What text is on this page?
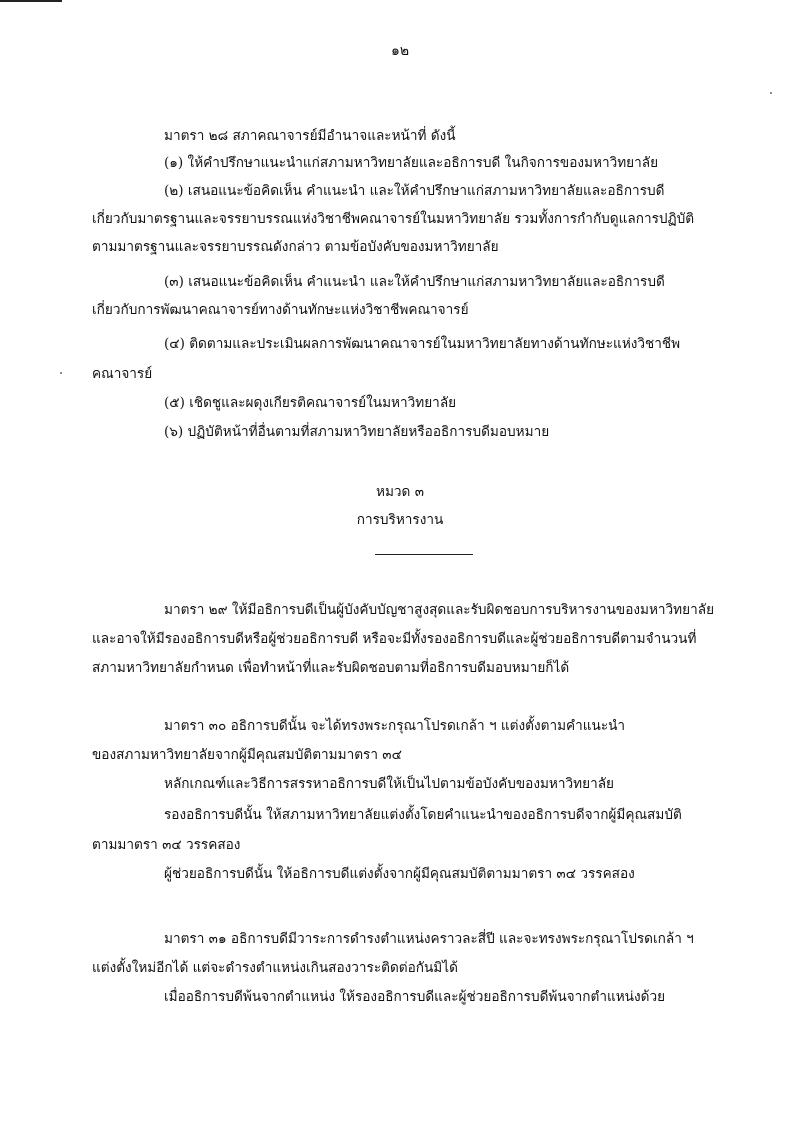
๑๒
มาตรา ๒๘ สภาคณาจารย์มีอำนาจและหน้าที่ ดังนี้
(๑) ให้คำปรึกษาแนะนำแก่สภามหาวิทยาลัยและอธิการบดี ในกิจการของมหาวิทยาลัย
(๒) เสนอแนะข้อคิดเห็น คำแนะนำ และให้คำปรึกษาแก่สภามหาวิทยาลัยและอธิการบดี
เกี่ยวกับมาตรฐานและจรรยาบรรณแห่งวิชาชีพคณาจารย์ในมหาวิทยาลัย รวมทั้งการกำกับดูแลการปฏิบัติ
ตามมาตรฐานและจรรยาบรรณดังกล่าว ตามข้อบังคับของมหาวิทยาลัย
(๓) เสนอแนะข้อคิดเห็น คำแนะนำ และให้คำปรึกษาแก่สภามหาวิทยาลัยและอธิการบดี
เกี่ยวกับการพัฒนาคณาจารย์ทางด้านทักษะแห่งวิชาชีพคณาจารย์
(๔) ติดตามและประเมินผลการพัฒนาคณาจารย์ในมหาวิทยาลัยทางด้านทักษะแห่งวิชาชีพ
คณาจารย์
(๕) เชิดชูและผดุงเกียรติคณาจารย์ในมหาวิทยาลัย
(๖) ปฏิบัติหน้าที่อื่นตามที่สภามหาวิทยาลัยหรืออธิการบดีมอบหมาย
หมวด ๓
การบริหารงาน
มาตรา ๒๙ ให้มีอธิการบดีเป็นผู้บังคับบัญชาสูงสุดและรับผิดชอบการบริหารงานของมหาวิทยาลัย
และอาจให้มีรองอธิการบดีหรือผู้ช่วยอธิการบดี หรือจะมีทั้งรองอธิการบดีและผู้ช่วยอธิการบดีตามจำนวนที่
สภามหาวิทยาลัยกำหนด เพื่อทำหน้าที่และรับผิดชอบตามที่อธิการบดีมอบหมายก็ได้
มาตรา ๓๐ อธิการบดีนั้น จะได้ทรงพระกรุณาโปรดเกล้า ฯ แต่งตั้งตามคำแนะนำ
ของสภามหาวิทยาลัยจากผู้มีคุณสมบัติตามมาตรา ๓๔
หลักเกณฑ์และวิธีการสรรหาอธิการบดีให้เป็นไปตามข้อบังคับของมหาวิทยาลัย
รองอธิการบดีนั้น ให้สภามหาวิทยาลัยแต่งตั้งโดยคำแนะนำของอธิการบดีจากผู้มีคุณสมบัติ
ตามมาตรา ๓๔ วรรคสอง
ผู้ช่วยอธิการบดีนั้น ให้อธิการบดีแต่งตั้งจากผู้มีคุณสมบัติตามมาตรา ๓๔ วรรคสอง
มาตรา ๓๑ อธิการบดีมีวาระการดำรงตำแหน่งคราวละสี่ปี และจะทรงพระกรุณาโปรดเกล้า ฯ
แต่งตั้งใหม่อีกได้ แต่จะดำรงตำแหน่งเกินสองวาระติดต่อกันมิได้
เมื่ออธิการบดีพ้นจากตำแหน่ง ให้รองอธิการบดีและผู้ช่วยอธิการบดีพ้นจากตำแหน่งด้วย
